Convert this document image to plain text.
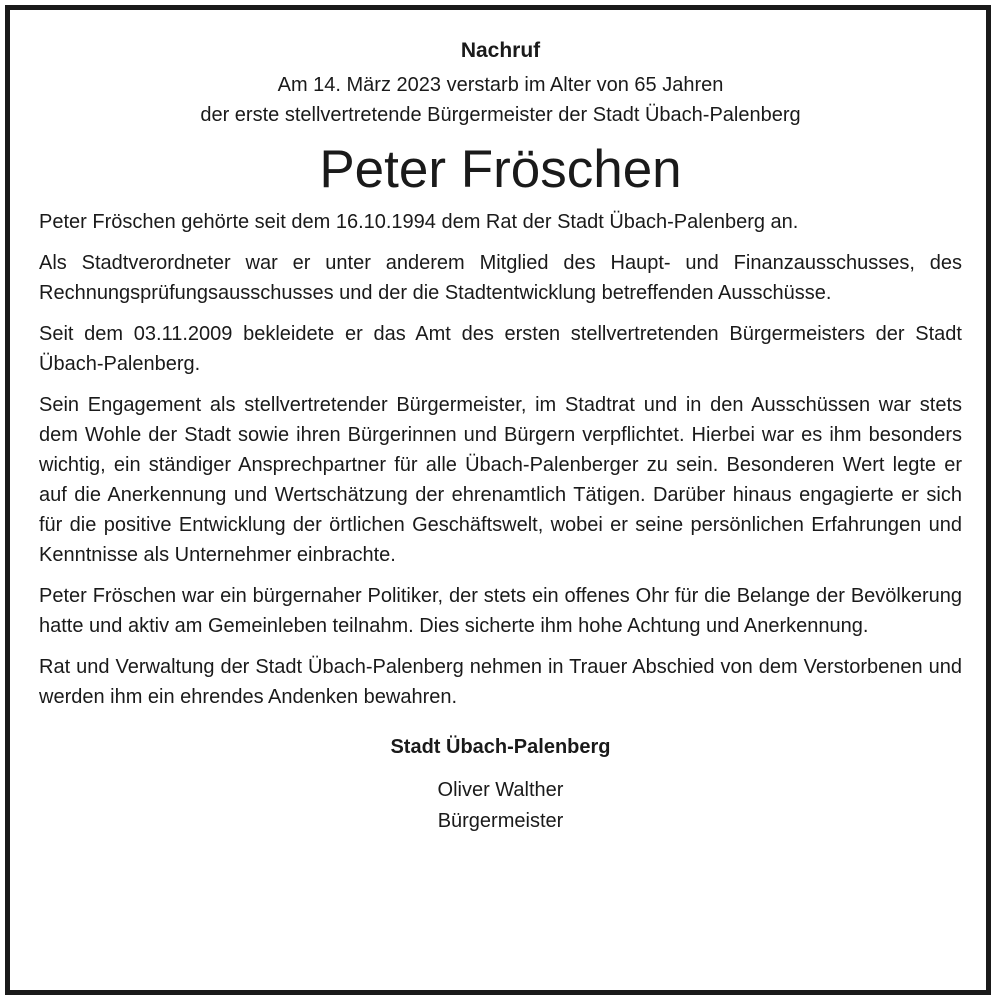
Nachruf

Am 14. März 2023 verstarb im Alter von 65 Jahren

der erste stellvertretende Bürgermeister der Stadt Übach-Palenberg

Peter Fröschen

Peter Fröschen gehörte seit dem 16.10.1994 dem Rat der Stadt Übach-Palenberg an.

Als Stadtverordneter war er unter anderem Mitglied des Haupt- und Finanzausschusses, des Rechnungsprüfungsausschusses und der die Stadtentwicklung betreffenden Ausschüsse.

Seit dem 03.11.2009 bekleidete er das Amt des ersten stellvertretenden Bürgermeisters der Stadt Übach-Palenberg.

Sein Engagement als stellvertretender Bürgermeister, im Stadtrat und in den Ausschüssen war stets dem Wohle der Stadt sowie ihren Bürgerinnen und Bürgern verpflichtet. Hierbei war es ihm besonders wichtig, ein ständiger Ansprechpartner für alle Übach-Palenberger zu sein. Besonderen Wert legte er auf die Anerkennung und Wertschätzung der ehrenamtlich Tätigen. Darüber hinaus engagierte er sich für die positive Entwicklung der örtlichen Geschäftswelt, wobei er seine persönlichen Erfahrungen und Kenntnisse als Unternehmer einbrachte.

Peter Fröschen war ein bürgernaher Politiker, der stets ein offenes Ohr für die Belange der Bevölkerung hatte und aktiv am Gemeinleben teilnahm. Dies sicherte ihm hohe Achtung und Anerkennung.

Rat und Verwaltung der Stadt Übach-Palenberg nehmen in Trauer Abschied von dem Verstorbenen und werden ihm ein ehrendes Andenken bewahren.

Stadt Übach-Palenberg

Oliver Walther

Bürgermeister
